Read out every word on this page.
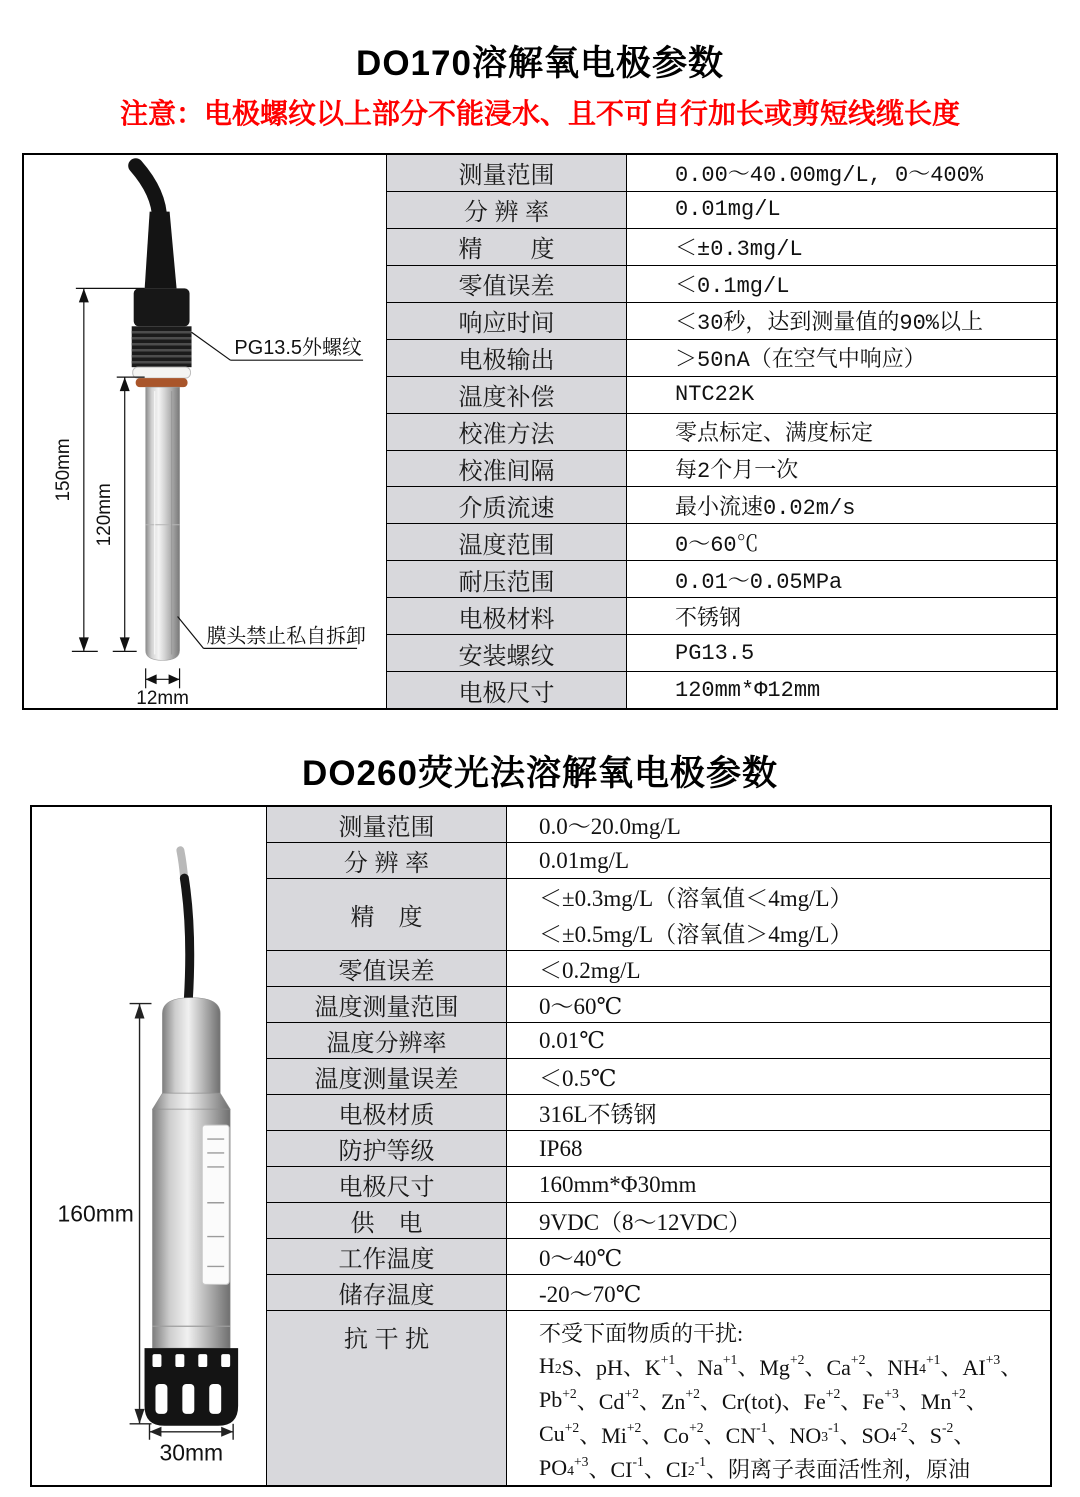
DO170溶解氧电极参数
注意：电极螺纹以上部分不能浸水、且不可自行加长或剪短线缆长度
150mm
120mm
12mm
PG13.5外螺纹
膜头禁止私自拆卸
测量范围	0.00～40.00mg/L, 0～400%
分 辨 率	0.01mg/L
精　　度	＜±0.3mg/L
零值误差	＜0.1mg/L
响应时间	＜30秒，达到测量值的90%以上
电极输出	＞50nA（在空气中响应）
温度补偿	NTC22K
校准方法	零点标定、满度标定
校准间隔	每2个月一次
介质流速	最小流速0.02m/s
温度范围	0～60℃
耐压范围	0.01～0.05MPa
电极材料	不锈钢
安装螺纹	PG13.5
电极尺寸	120mm*Φ12mm
DO260荧光法溶解氧电极参数
160mm
30mm
测量范围	0.0～20.0mg/L
分 辨 率	0.01mg/L
精　度
＜±0.3mg/L（溶氧值＜4mg/L）
＜±0.5mg/L（溶氧值＞4mg/L）
零值误差	＜0.2mg/L
温度测量范围	0～60℃
温度分辨率	0.01℃
温度测量误差	＜0.5℃
电极材质	316L不锈钢
防护等级	IP68
电极尺寸	160mm*Φ30mm
供　电	9VDC（8～12VDC）
工作温度	0～40℃
储存温度	-20～70℃
抗 干 扰	不受下面物质的干扰:
$H_2$ S、pH、$K^{+1}$ 、$Na^{+1}$ 、$Mg^{+2}$ 、$Ca^{+2}$ 、$NH_4$
$^{+1}$ 、$AI^{+3}$ 、
$Pb^{+2}$ 、$Cd^{+2}$ 、$Zn^{+2}$ 、Cr(tot)、$Fe^{+2}$ 、$Fe^{+3}$ 、$Mn^{+2}$ 、
$Cu^{+2}$ 、$Mi^{+2}$ 、$Co^{+2}$ 、$CN^{-1}$ 、$NO_3$
$^{-1}$ 、$SO_4$
$^{-2}$ 、$S^{-2}$ 、
$PO_4$
$^{+3}$ 、$CI^{-1}$ 、$CI_2$
$^{-1}$ 、阴离子表面活性剂，原油
